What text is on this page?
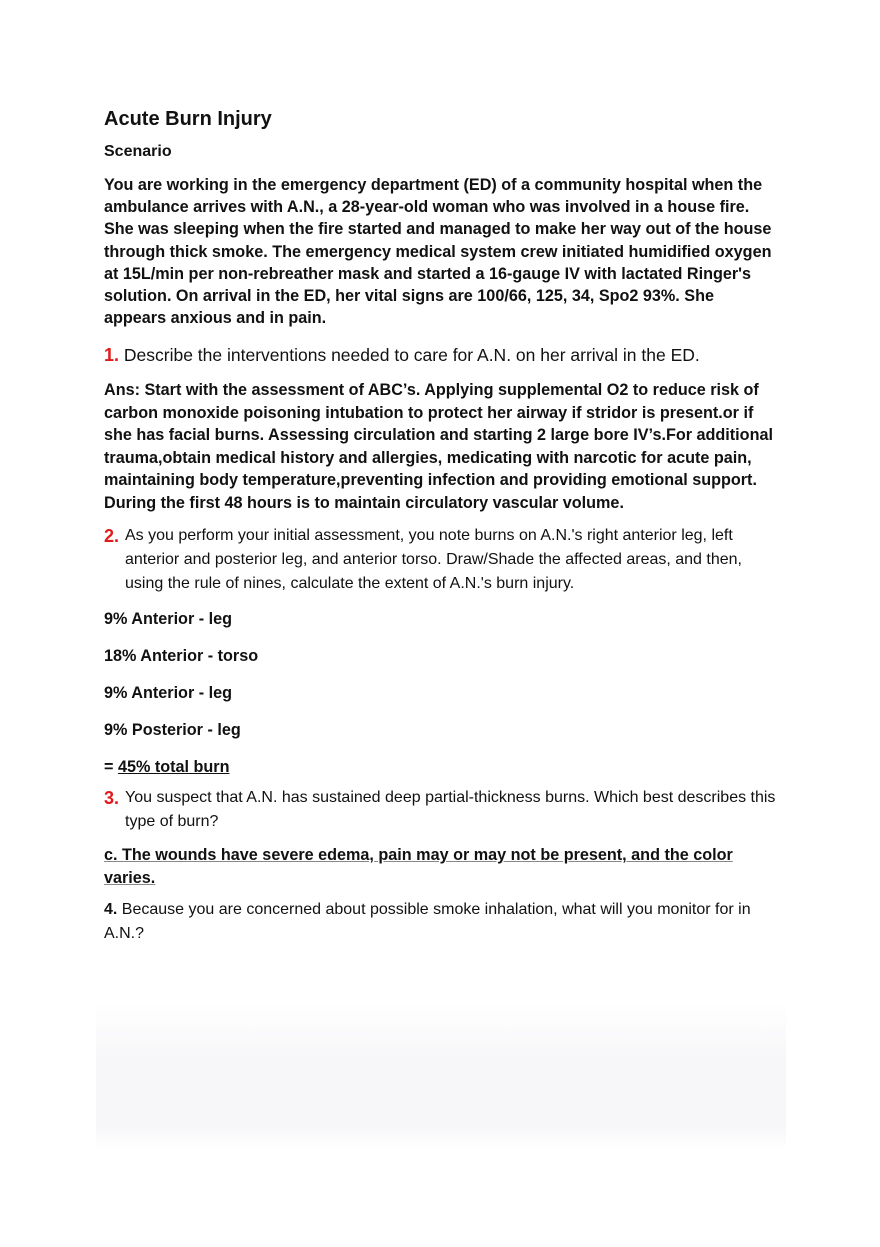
Acute Burn Injury
Scenario

You are working in the emergency department (ED) of a community hospital when the ambulance arrives with A.N., a 28-year-old woman who was involved in a house fire. She was sleeping when the fire started and managed to make her way out of the house through thick smoke. The emergency medical system crew initiated humidified oxygen at 15L/min per non-rebreather mask and started a 16-gauge IV with lactated Ringer's solution. On arrival in the ED, her vital signs are 100/66, 125, 34, Spo2 93%. She appears anxious and in pain.

1. Describe the interventions needed to care for A.N. on her arrival in the ED.

Ans: Start with the assessment of ABC’s. Applying supplemental O2 to reduce risk of carbon monoxide poisoning intubation to protect her airway if stridor is present.or if she has facial burns. Assessing circulation and starting 2 large bore IV’s.For additional trauma,obtain medical history and allergies, medicating with narcotic for acute pain, maintaining body temperature,preventing infection and providing emotional support. During the first 48 hours is to maintain circulatory vascular volume.

2. As you perform your initial assessment, you note burns on A.N.'s right anterior leg, left anterior and posterior leg, and anterior torso. Draw/Shade the affected areas, and then, using the rule of nines, calculate the extent of A.N.'s burn injury.
9% Anterior - leg
18% Anterior - torso
9% Anterior - leg
9% Posterior - leg
= 45% total burn
3. You suspect that A.N. has sustained deep partial-thickness burns. Which best describes this type of burn?

c. The wounds have severe edema, pain may or may not be present, and the color varies.

4. Because you are concerned about possible smoke inhalation, what will you monitor for in A.N.?
